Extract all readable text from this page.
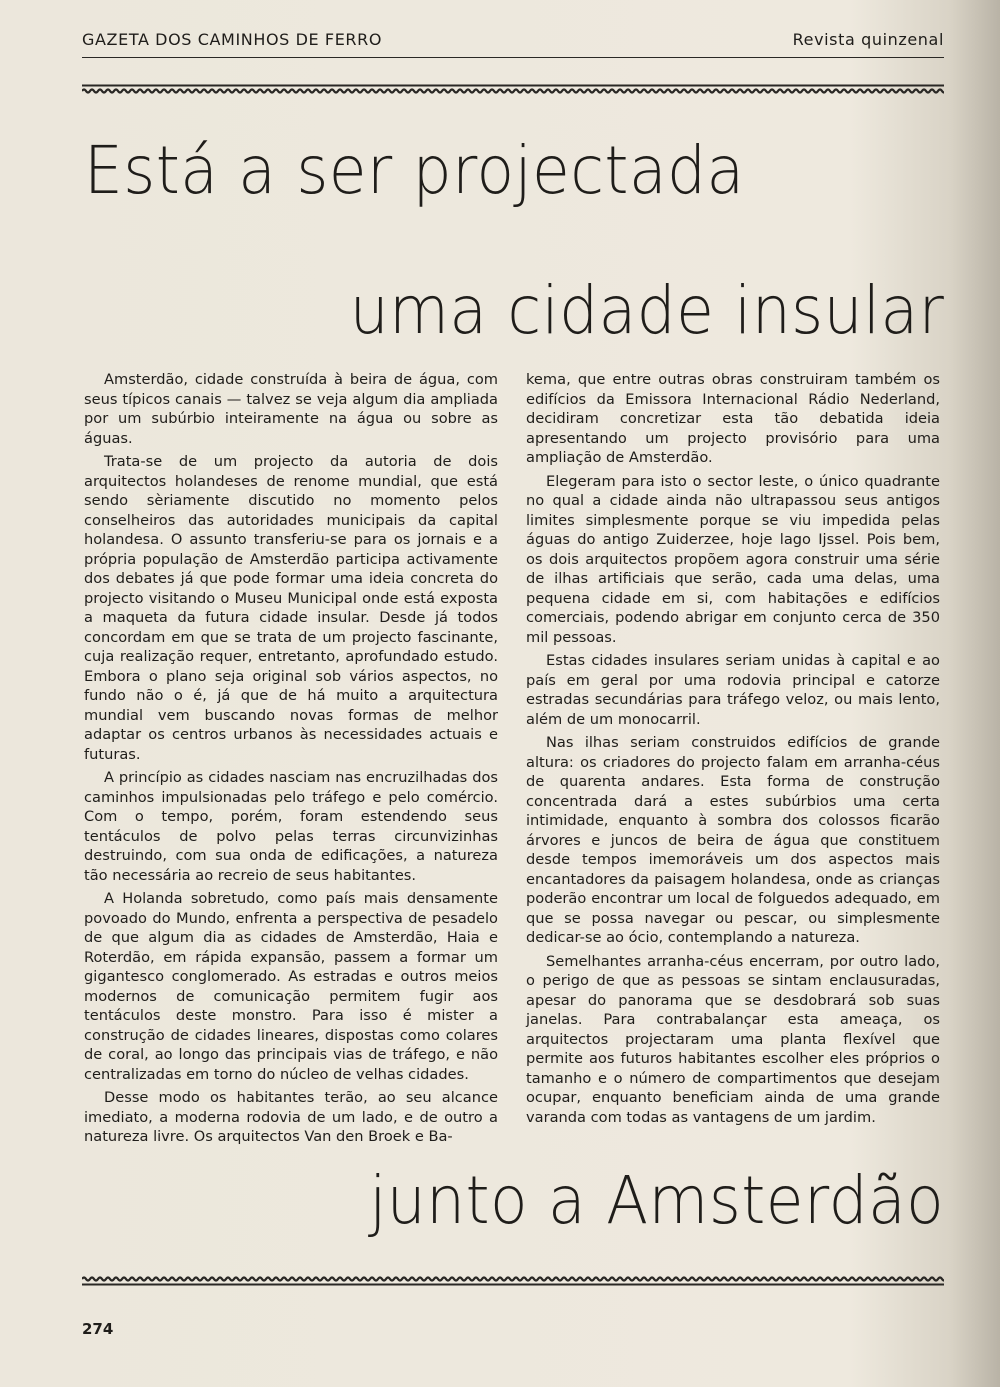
GAZETA DOS CAMINHOS DE FERRO	Revista quinzenal
Está a ser projectada
uma cidade insular

Amsterdão, cidade construída à beira de água, com seus típicos canais — talvez se veja algum dia ampliada por um subúrbio inteiramente na água ou sobre as águas.

Trata-se de um projecto da autoria de dois arquitectos holandeses de renome mundial, que está sendo sèriamente discutido no momento pelos conselheiros das autoridades municipais da capital holandesa. O assunto transferiu-se para os jornais e a própria população de Amsterdão participa activamente dos debates já que pode formar uma ideia concreta do projecto visitando o Museu Municipal onde está exposta a maqueta da futura cidade insular. Desde já todos concordam em que se trata de um projecto fascinante, cuja realização requer, entretanto, aprofundado estudo. Embora o plano seja original sob vários aspectos, no fundo não o é, já que de há muito a arquitectura mundial vem buscando novas formas de melhor adaptar os centros urbanos às necessidades actuais e futuras.

A princípio as cidades nasciam nas encruzilhadas dos caminhos impulsionadas pelo tráfego e pelo comércio. Com o tempo, porém, foram estendendo seus tentáculos de polvo pelas terras circunvizinhas destruindo, com sua onda de edificações, a natureza tão necessária ao recreio de seus habitantes.

A Holanda sobretudo, como país mais densamente povoado do Mundo, enfrenta a perspectiva de pesadelo de que algum dia as cidades de Amsterdão, Haia e Roterdão, em rápida expansão, passem a formar um gigantesco conglomerado. As estradas e outros meios modernos de comunicação permitem fugir aos tentáculos deste monstro. Para isso é mister a construção de cidades lineares, dispostas como colares de coral, ao longo das principais vias de tráfego, e não centralizadas em torno do núcleo de velhas cidades.

Desse modo os habitantes terão, ao seu alcance imediato, a moderna rodovia de um lado, e de outro a natureza livre. Os arquitectos Van den Broek e Ba-

kema, que entre outras obras construiram também os edifícios da Emissora Internacional Rádio Nederland, decidiram concretizar esta tão debatida ideia apresentando um projecto provisório para uma ampliação de Amsterdão.

Elegeram para isto o sector leste, o único quadrante no qual a cidade ainda não ultrapassou seus antigos limites simplesmente porque se viu impedida pelas águas do antigo Zuiderzee, hoje lago Ijssel. Pois bem, os dois arquitectos propõem agora construir uma série de ilhas artificiais que serão, cada uma delas, uma pequena cidade em si, com habitações e edifícios comerciais, podendo abrigar em conjunto cerca de 350 mil pessoas.

Estas cidades insulares seriam unidas à capital e ao país em geral por uma rodovia principal e catorze estradas secundárias para tráfego veloz, ou mais lento, além de um monocarril.

Nas ilhas seriam construidos edifícios de grande altura: os criadores do projecto falam em arranha-céus de quarenta andares. Esta forma de construção concentrada dará a estes subúrbios uma certa intimidade, enquanto à sombra dos colossos ficarão árvores e juncos de beira de água que constituem desde tempos imemoráveis um dos aspectos mais encantadores da paisagem holandesa, onde as crianças poderão encontrar um local de folguedos adequado, em que se possa navegar ou pescar, ou simplesmente dedicar-se ao ócio, contemplando a natureza.

Semelhantes arranha-céus encerram, por outro lado, o perigo de que as pessoas se sintam enclausuradas, apesar do panorama que se desdobrará sob suas janelas. Para contrabalançar esta ameaça, os arquitectos projectaram uma planta flexível que permite aos futuros habitantes escolher eles próprios o tamanho e o número de compartimentos que desejam ocupar, enquanto beneficiam ainda de uma grande varanda com todas as vantagens de um jardim.

junto a Amsterdão
274
